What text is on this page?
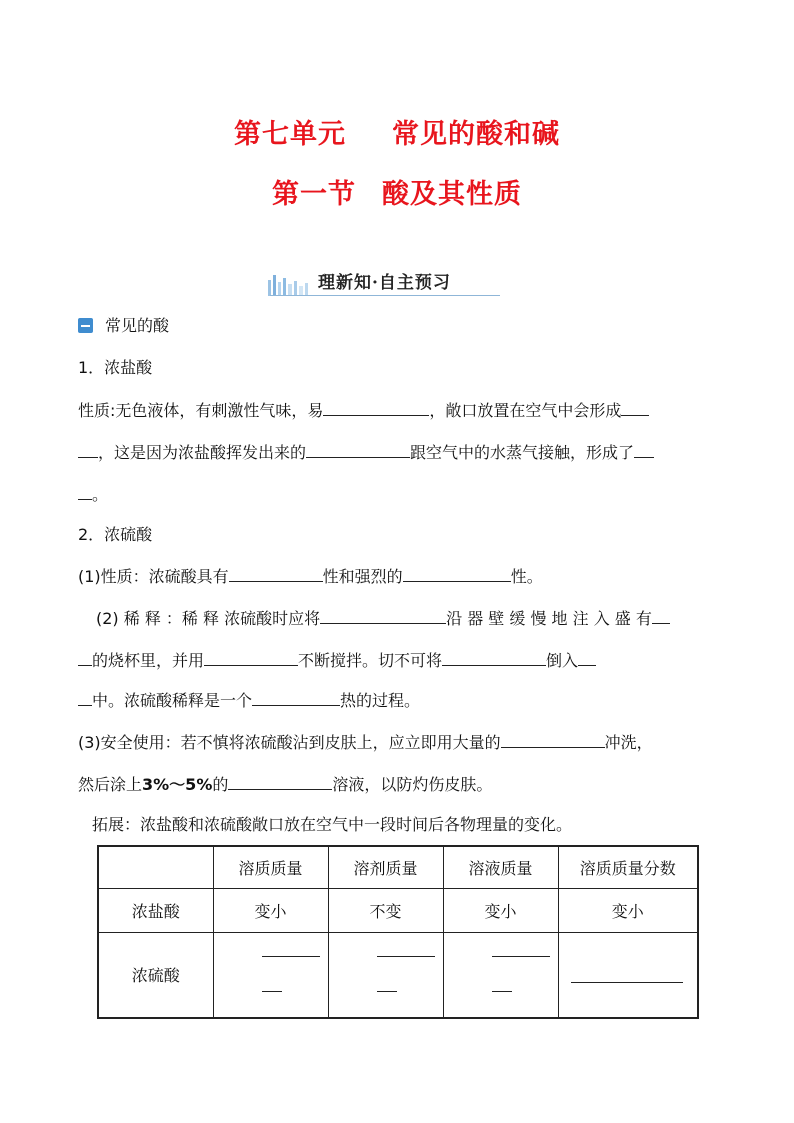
第七单元 常见的酸和碱
第一节 酸及其性质
理新知·自主预习
常见的酸
1．浓盐酸
性质:无色液体，有刺激性气味，易	，敞口放置在空气中会形成
，这是因为浓盐酸挥发出来的	跟空气中的水蒸气接触，形成了
。
2．浓硫酸
(1)性质：浓硫酸具有	性和强烈的	性。
(2) 稀 释 ：稀 释 浓硫酸时应将	沿 器 壁 缓 慢 地 注 入 盛 有
的烧杯里，并用	不断搅拌。切不可将	倒入
中。浓硫酸稀释是一个	热的过程。
(3)安全使用：若不慎将浓硫酸沾到皮肤上，应立即用大量的	冲洗，
然后涂上3%～5%的	溶液，以防灼伤皮肤。
拓展：浓盐酸和浓硫酸敞口放在空气中一段时间后各物理量的变化。
	溶质质量	溶剂质量	溶液质量	溶质质量分数
浓盐酸	变小	不变	变小	变小
浓硫酸	
